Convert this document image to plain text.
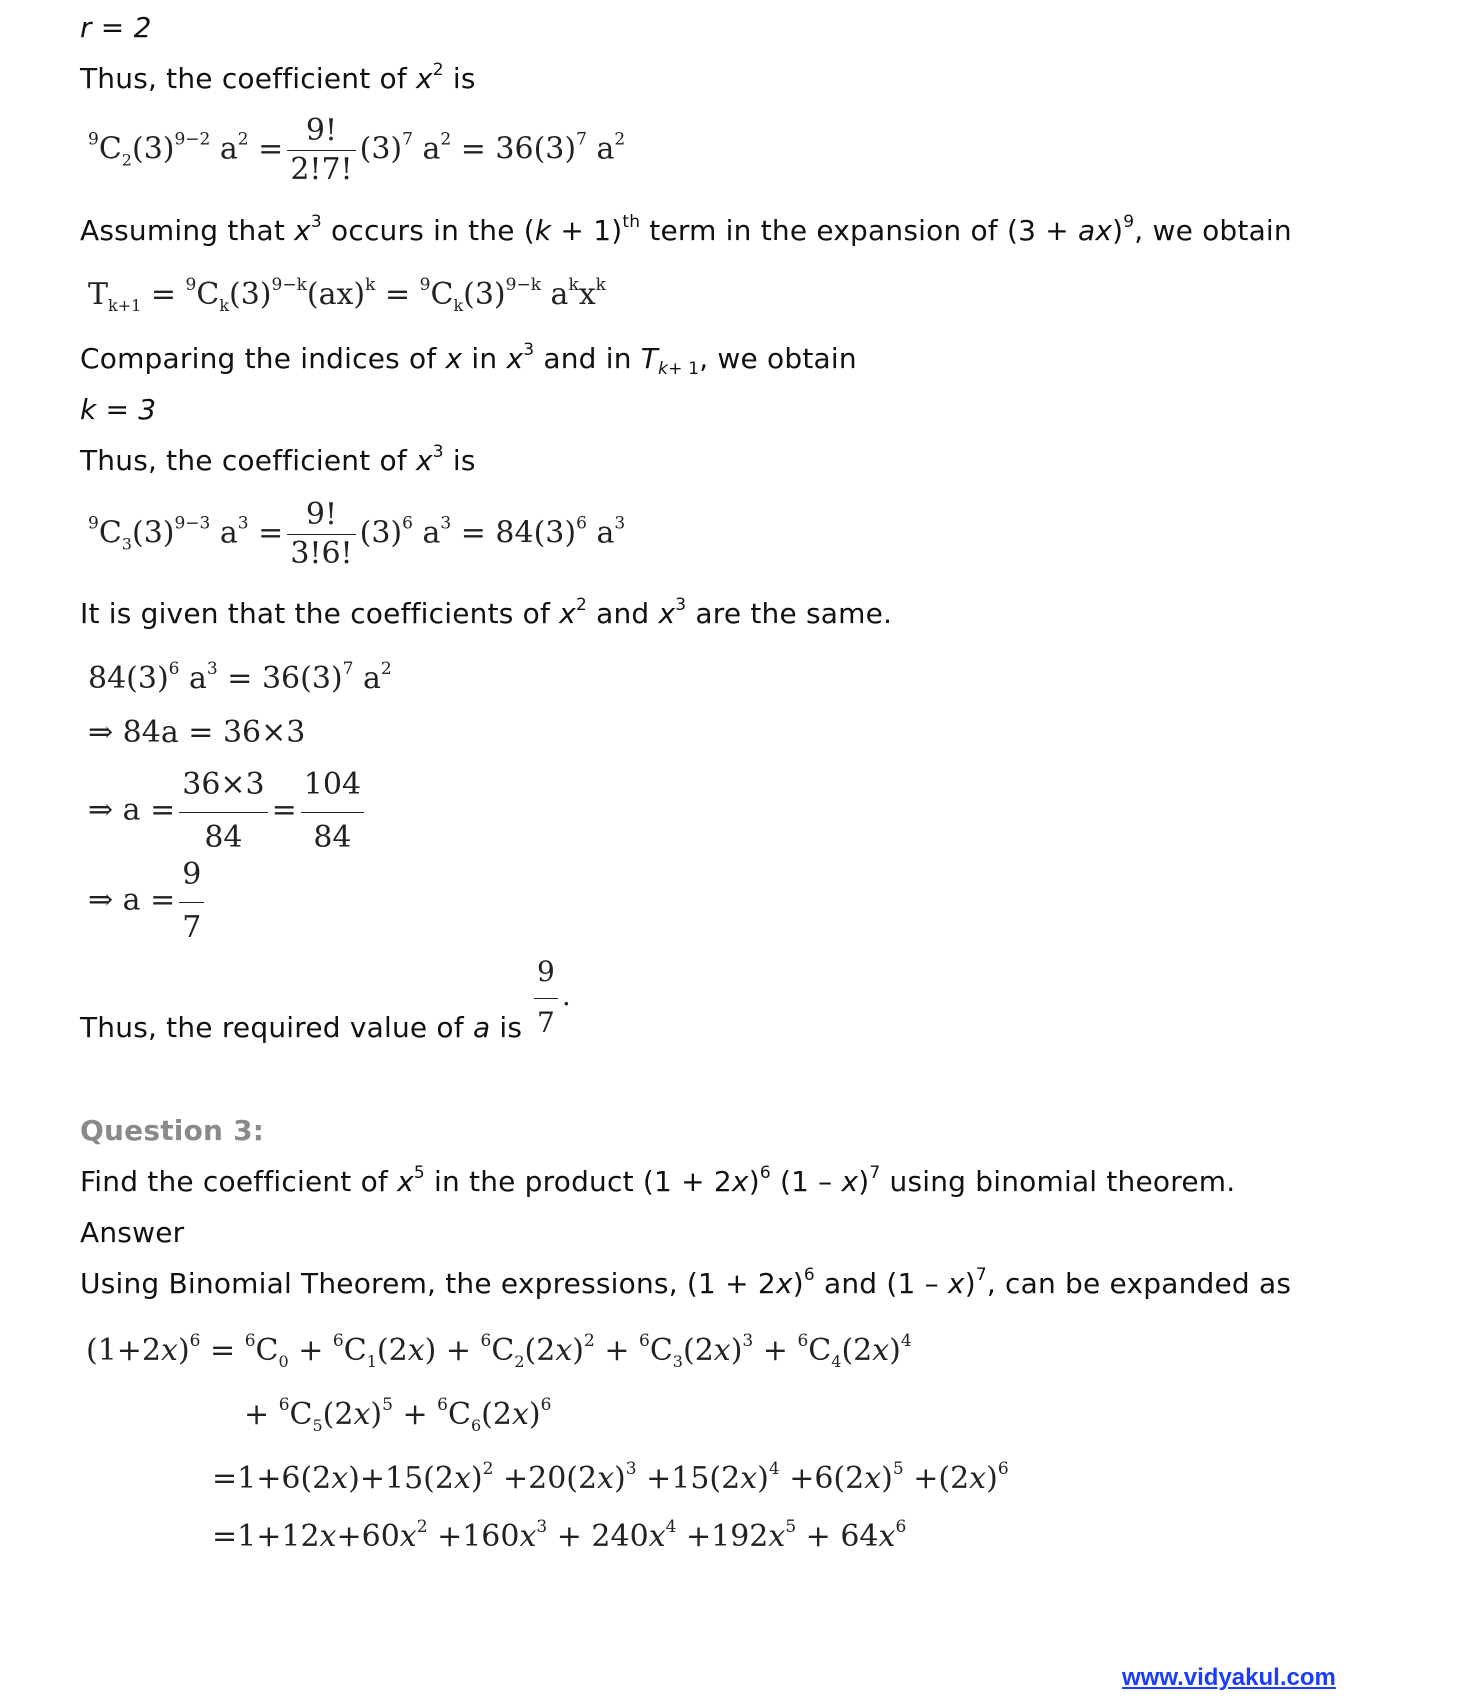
r = 2
Thus, the coefficient of $x^2$ is
$^9C_2(3)^{9-2}$ $a^2 = \frac{9!}{2!7!} (3)^7$ $a^2 = 36(3)^7$ $a^2$
Assuming that $x^3$ occurs in the $(k + 1)^{th}$ term in the expansion of (3 + ax)$^9$, we obtain
$T_{k+1} = ^9C_k(3)^{9-k}(ax)^k = ^9C_k(3)^{9-k}$ $a^kx^k$
Comparing the indices of x in $x^3$ and in $T_{k+ 1}$, we obtain
k = 3
Thus, the coefficient of $x^3$ is
$^9C_3(3)^{9-3}$ $a^3 = \frac{9!}{3!6!} (3)^6$ $a^3 = 84(3)^6$ $a^3$
It is given that the coefficients of $x^2$ and $x^3$ are the same.
$84(3)^6$ $a^3 = 36(3)^7$ $a^2$
⇒ 84a = 36×3
⇒ $a = \frac{36\times 3}{84} = \frac{104}{84}$
⇒ $a = \frac{9}{7}$
Thus, the required value of a is $\frac{9}{7}$ .
Question 3:
Find the coefficient of $x^5$ in the product $(1 + 2x)^6$ (1 – x)$^7$ using binomial theorem.
Answer
Using Binomial Theorem, the expressions, $(1 + 2x)^6$ and (1 – x)$^7$, can be expanded as
$(1+2x)^6 = ^6C_0 + ^6C_1(2x) + ^6C_2(2x)^2 + ^6C_3(2x)^3 + ^6C_4(2x)^4$
+ $^6C_5(2x)^5 + ^6C_6(2x)^6$
$=1+6(2x)+15(2x)^2 +20(2x)^3 +15(2x)^4 +6(2x)^5 +(2x)^6$
$=1+12x+60x^2 +160x^3 + 240x^4 +192x^5 + 64x^6$
www.vidyakul.com
